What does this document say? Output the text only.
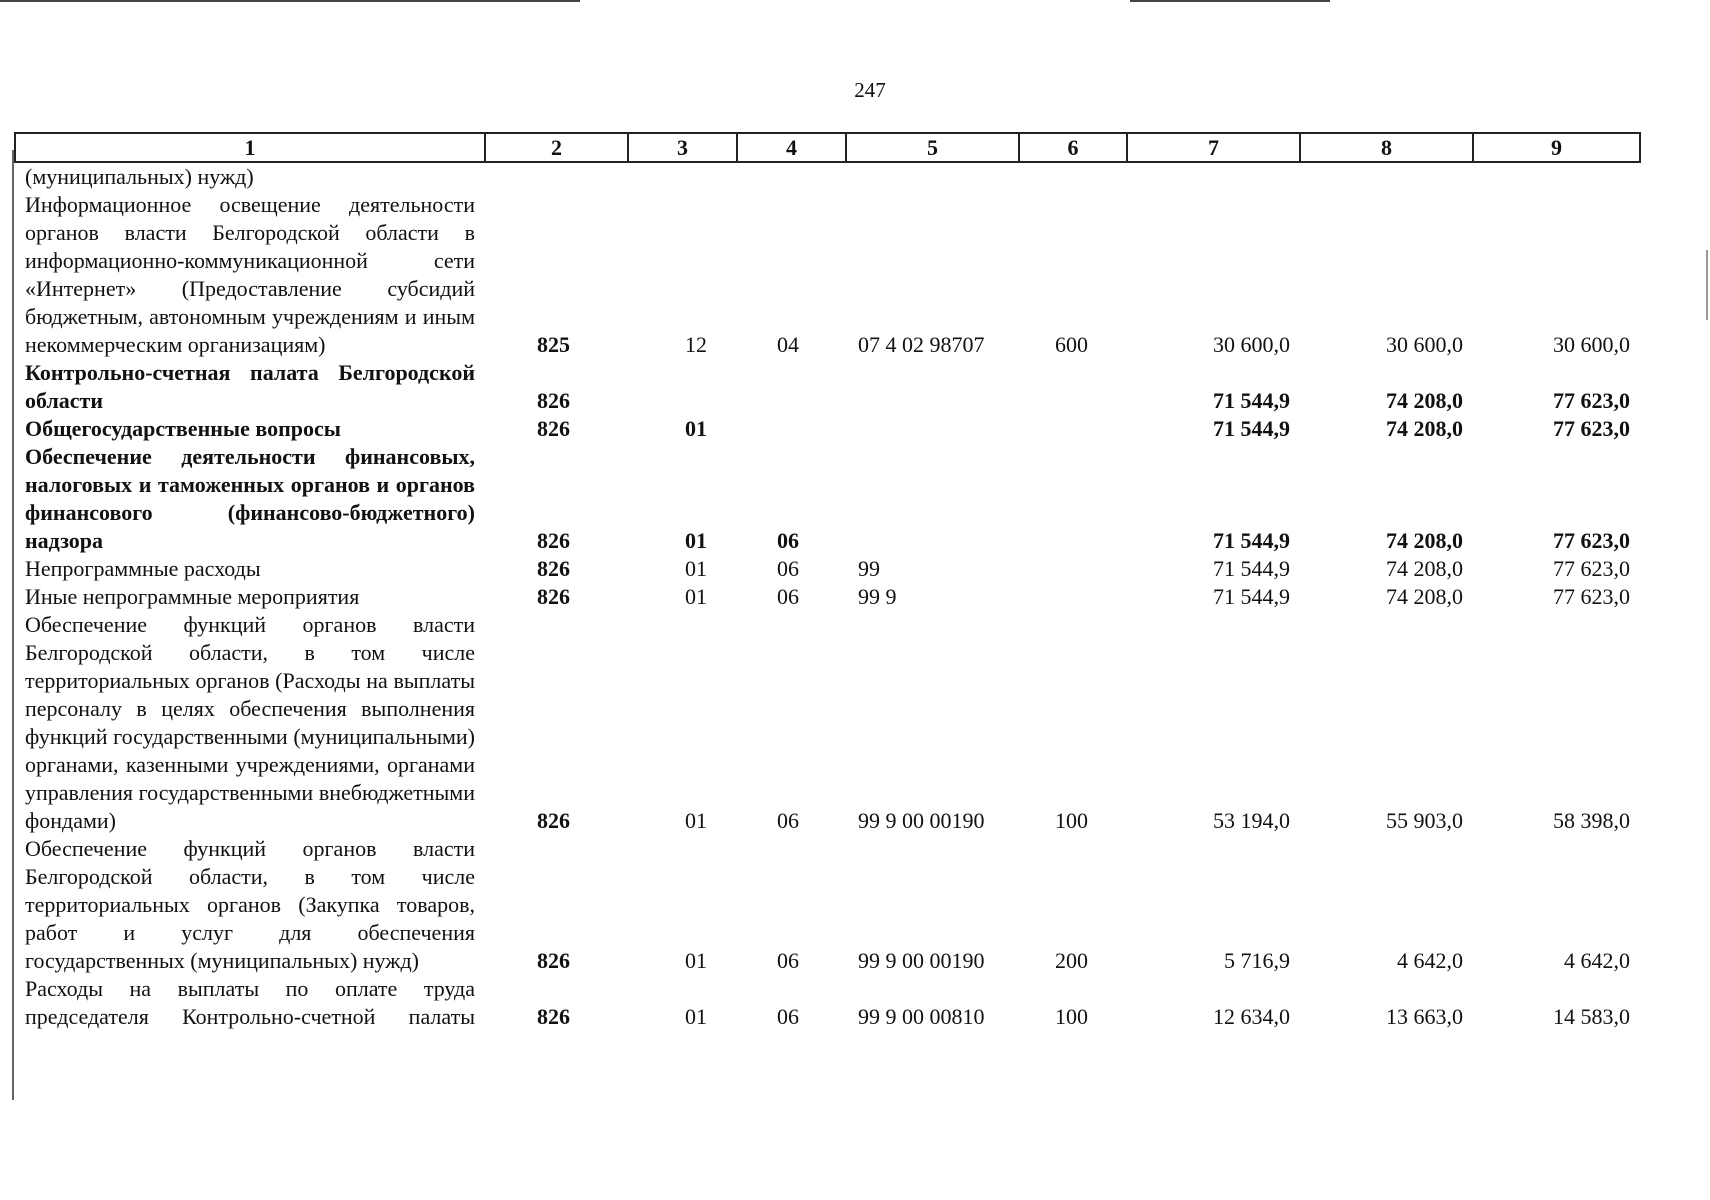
247
1	2	3	4	5	6	7	8	9
(муниципальных) нужд)								
Информационное освещение деятельности органов власти Белгородской области в информационно-коммуникационной сети «Интернет» (Предоставление субсидий бюджетным, автономным учреждениям и иным некоммерческим организациям)	825	12	04	07 4 02 98707	600	30 600,0	30 600,0	30 600,0
Контрольно-счетная палата Белгородской области	826					71 544,9	74 208,0	77 623,0
Общегосударственные вопросы	826	01				71 544,9	74 208,0	77 623,0
Обеспечение деятельности финансовых, налоговых и таможенных органов и органов финансового (финансово-бюджетного) надзора	826	01	06			71 544,9	74 208,0	77 623,0
Непрограммные расходы	826	01	06	99		71 544,9	74 208,0	77 623,0
Иные непрограммные мероприятия	826	01	06	99 9		71 544,9	74 208,0	77 623,0
Обеспечение функций органов власти Белгородской области, в том числе территориальных органов (Расходы на выплаты персоналу в целях обеспечения выполнения функций государственными (муниципальными) органами, казенными учреждениями, органами управления государственными внебюджетными фондами)	826	01	06	99 9 00 00190	100	53 194,0	55 903,0	58 398,0
Обеспечение функций органов власти Белгородской области, в том числе территориальных органов (Закупка товаров, работ и услуг для обеспечения государственных (муниципальных) нужд)	826	01	06	99 9 00 00190	200	5 716,9	4 642,0	4 642,0
Расходы на выплаты по оплате труда председателя Контрольно-счетной палаты	826	01	06	99 9 00 00810	100	12 634,0	13 663,0	14 583,0
